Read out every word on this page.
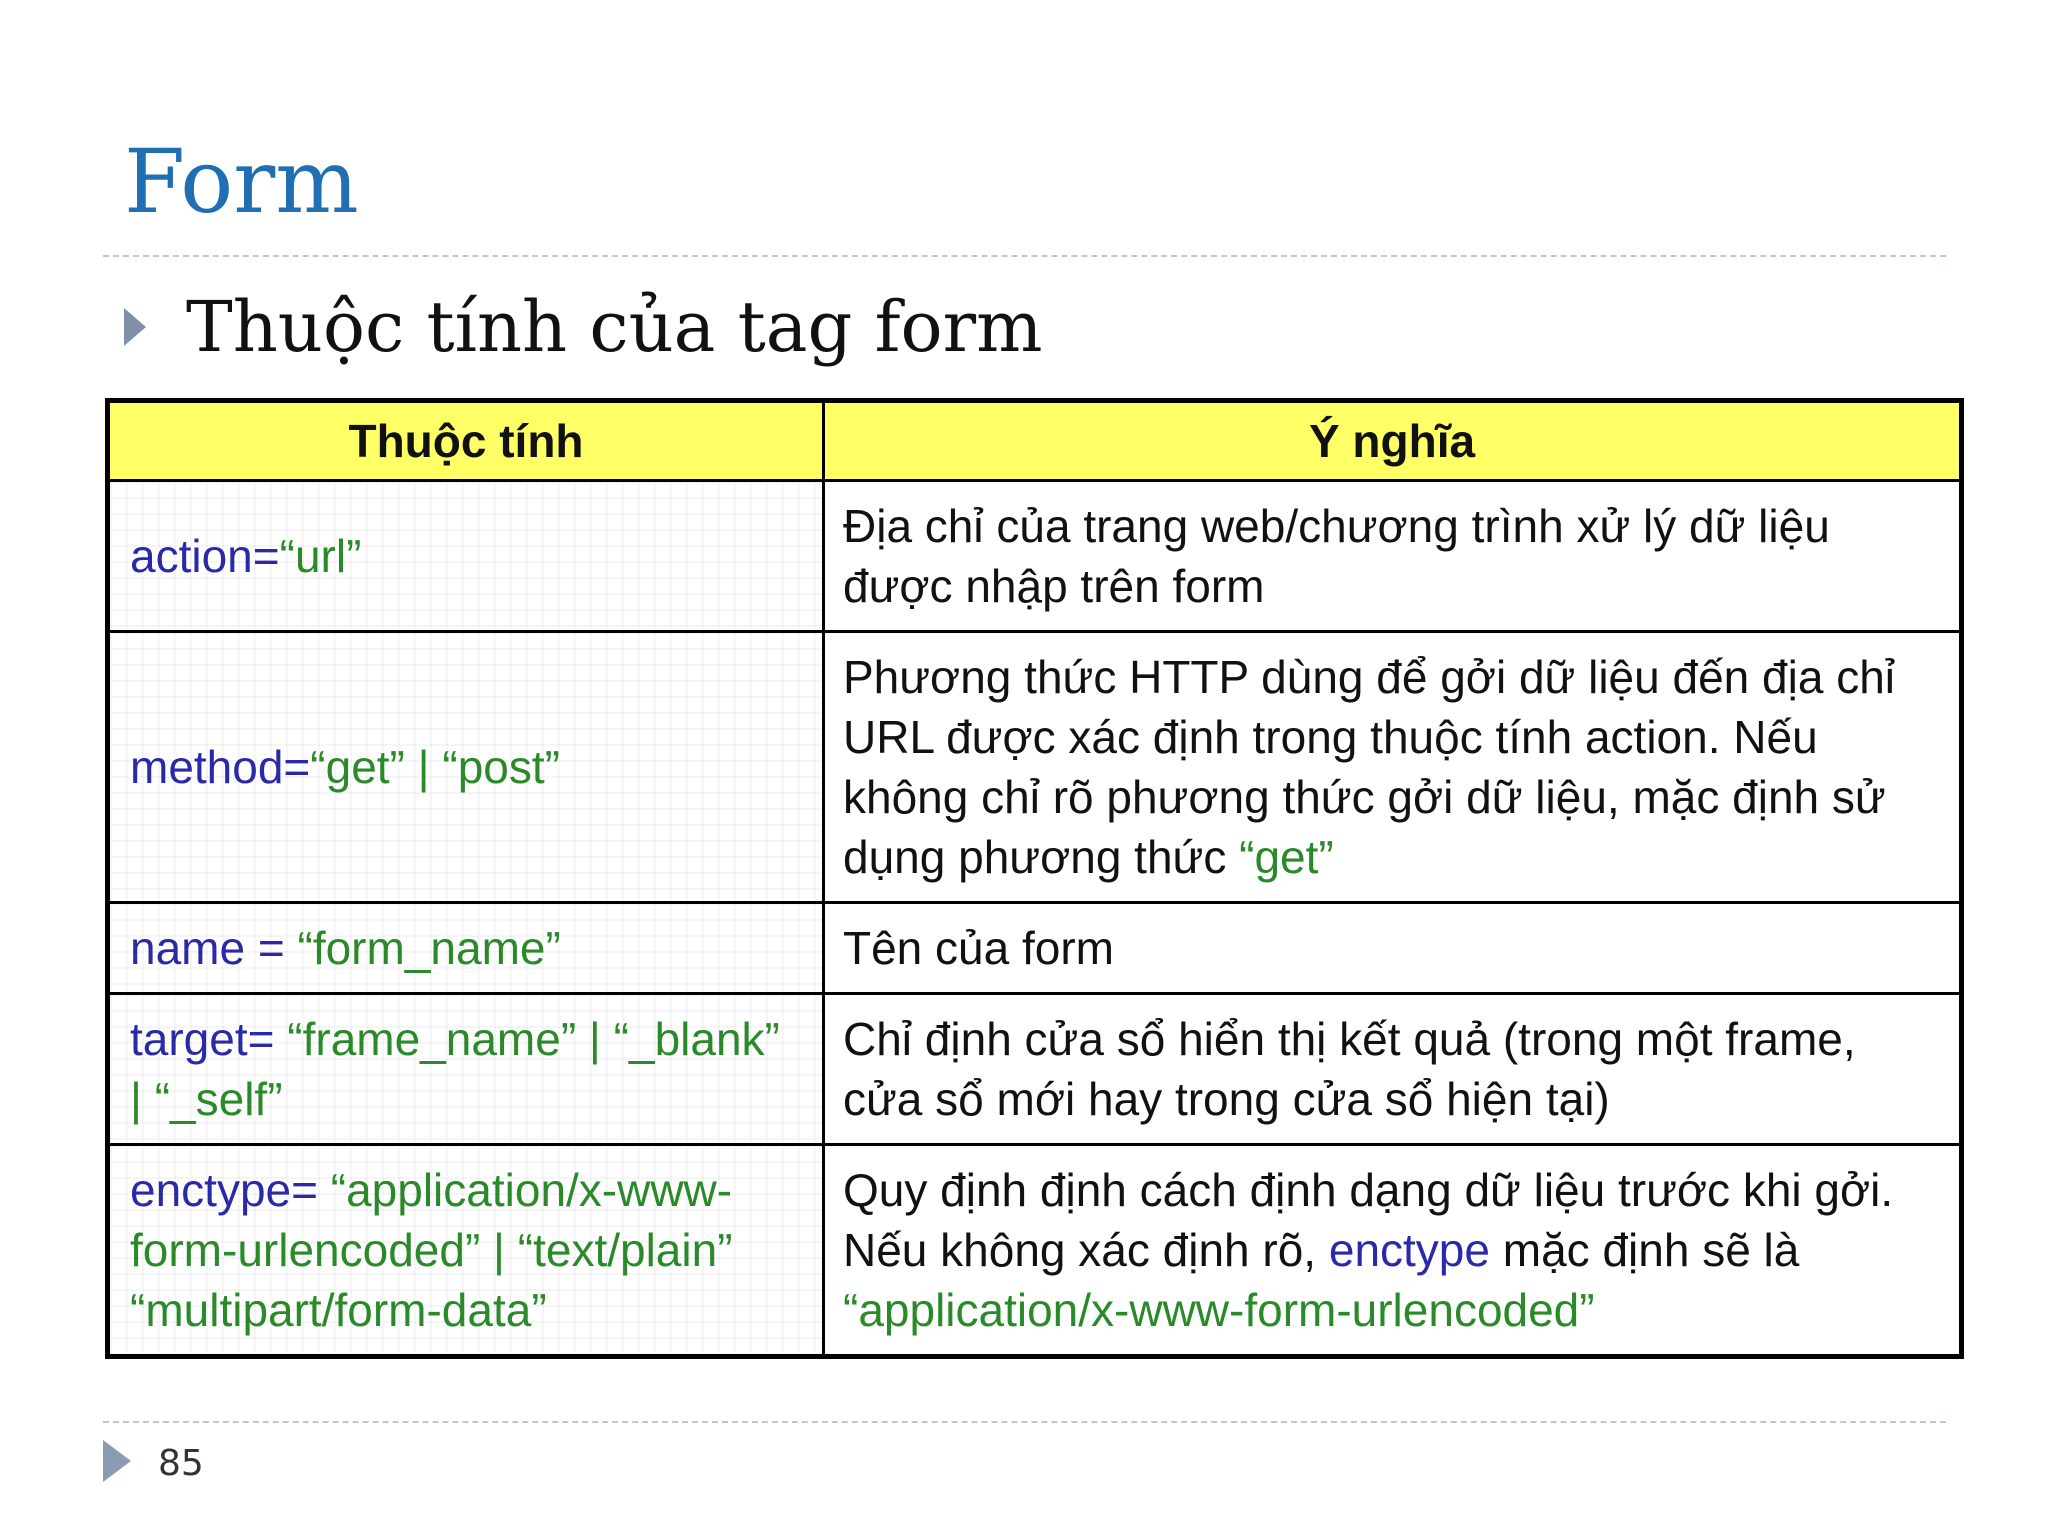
Form
Thuộc tính của tag form
Thuộc tính	Ý nghĩa
action=“url”	Địa chỉ của trang web/chương trình xử lý dữ liệu được nhập trên form
method=“get” | “post”	Phương thức HTTP dùng để gởi dữ liệu đến địa chỉ URL được xác định trong thuộc tính action. Nếu không chỉ rõ phương thức gởi dữ liệu, mặc định sử dụng phương thức “get”
name = “form_name”	Tên của form
target= “frame_name” | “_blank” | “_self”	Chỉ định cửa sổ hiển thị kết quả (trong một frame, cửa sổ mới hay trong cửa sổ hiện tại)
enctype= “application/x-www-form-urlencoded” | “text/plain” “multipart/form-data”	Quy định định cách định dạng dữ liệu trước khi gởi. Nếu không xác định rõ, enctype mặc định sẽ là “application/x-www-form-urlencoded”
85
